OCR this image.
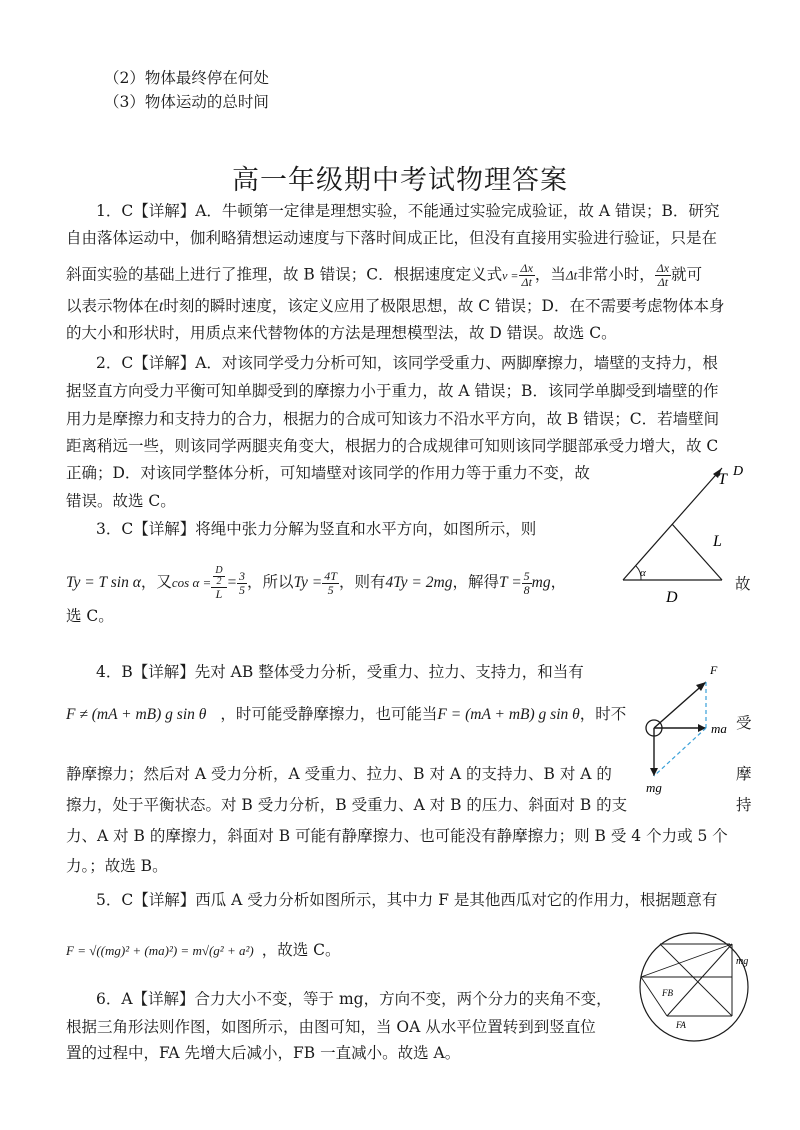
（2）物体最终停在何处
（3）物体运动的总时间
高一年级期中考试物理答案
1．C【详解】A．牛顿第一定律是理想实验，不能通过实验完成验证，故 A 错误；B．研究
自由落体运动中，伽利略猜想运动速度与下落时间成正比，但没有直接用实验进行验证，只是在
斜面实验的基础上进行了推理，故 B 错误；C．根据速度定义式$v = \frac{\Delta x}{\Delta t}$ ，当Δt非常小时， $\frac{\Delta x}{\Delta t}$ 就可
以表示物体在t时刻的瞬时速度，该定义应用了极限思想，故 C 错误；D．在不需要考虑物体本身
的大小和形状时，用质点来代替物体的方法是理想模型法，故 D 错误。故选 C。
2．C【详解】A．对该同学受力分析可知，该同学受重力、两脚摩擦力，墙壁的支持力，根
据竖直方向受力平衡可知单脚受到的摩擦力小于重力，故 A 错误；B．该同学单脚受到墙壁的作
用力是摩擦力和支持力的合力，根据力的合成可知该力不沿水平方向，故 B 错误；C．若墙壁间
距离稍远一些，则该同学两腿夹角变大，根据力的合成规律可知则该同学腿部承受力增大，故 C
正确；D．对该同学整体分析，可知墙壁对该同学的作用力等于重力不变，故
错误。故选 C。
3．C【详解】将绳中张力分解为竖直和水平方向，如图所示，则
Ty = T sin α，又$\cos \alpha = \frac{\frac{D}{2}}{L} = \frac{3}{5}$ ，所以$Ty = \frac{4T}{5}$ ，则有4Ty = 2mg，解得$T = \frac{5}{8}$ mg，	故
选 C。
T D
L
α
D
4．B【详解】先对 AB 整体受力分析，受重力、拉力、支持力，和当有
F ≠ (mA + mB) g sin θ ，时可能受静摩擦力，也可能当F = (mA + mB) g sin θ，时不	受
静摩擦力；然后对 A 受力分析，A 受重力、拉力、B 对 A 的支持力、B 对 A 的	摩
擦力，处于平衡状态。对 B 受力分析，B 受重力、A 对 B 的压力、斜面对 B 的支	持
力、A 对 B 的摩擦力，斜面对 B 可能有静摩擦力、也可能没有静摩擦力；则 B 受 4 个力或 5 个
力。；故选 B。
F
ma
mg
5．C【详解】西瓜 A 受力分析如图所示，其中力 F 是其他西瓜对它的作用力，根据题意有
F = √((mg)² + (ma)²) = m√(g² + a²) ，故选 C。
mg
FB
FA
6．A【详解】合力大小不变，等于 mg，方向不变，两个分力的夹角不变，
根据三角形法则作图，如图所示，由图可知，当 OA 从水平位置转到到竖直位
置的过程中，FA 先增大后减小，FB 一直减小。故选 A。
